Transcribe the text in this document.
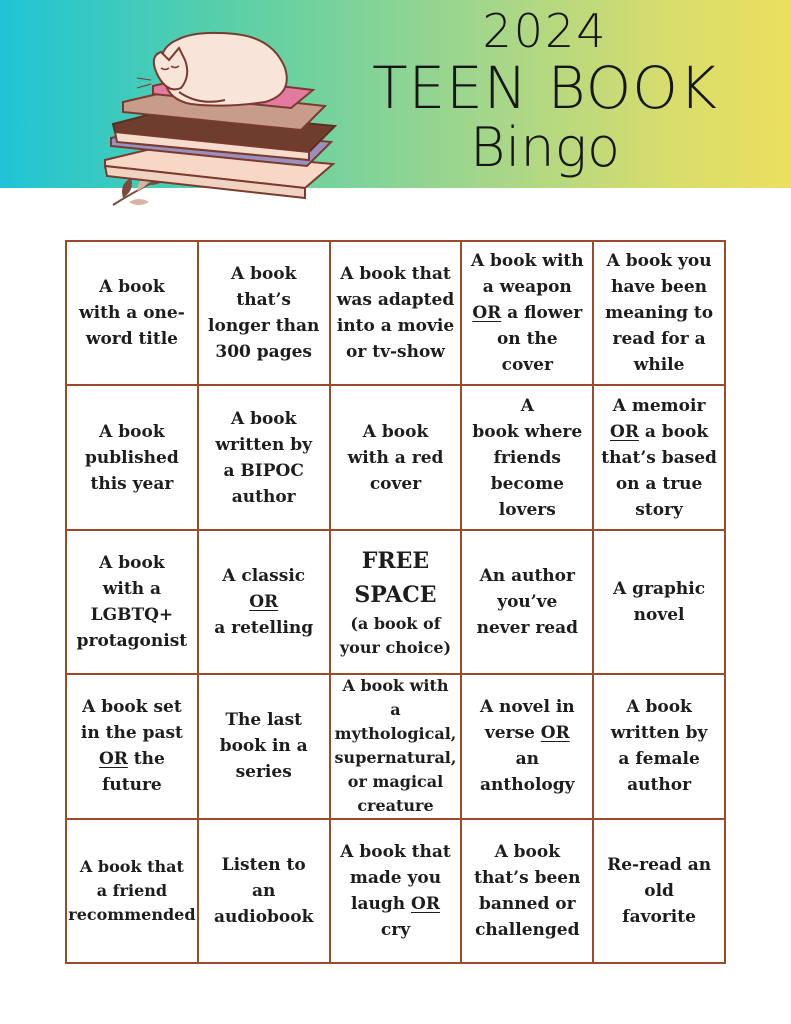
2024
TEEN BOOK
Bingo
A book
with a one-
word title
A book
that’s
longer than
300 pages
A book that
was adapted
into a movie
or tv-show
A book with
a weapon
OR a flower
on the
cover
A book you
have been
meaning to
read for a
while
A book
published
this year
A book
written by
a BIPOC
author
A book
with a red
cover
A
book where
friends
become
lovers
A memoir
OR a book
that’s based
on a true
story
A book
with a
LGBTQ+
protagonist
A classic
OR
a retelling
FREE
SPACE
(a book of
your choice)
An author
you’ve
never read
A graphic
novel
A book set
in the past
OR the
future
The last
book in a
series
A book with a
mythological,
supernatural,
or magical
creature
A novel in
verse OR
an
anthology
A book
written by
a female
author
A book that
a friend
recommended
Listen to
an
audiobook
A book that
made you
laugh OR
cry
A book
that’s been
banned or
challenged
Re-read an
old
favorite
